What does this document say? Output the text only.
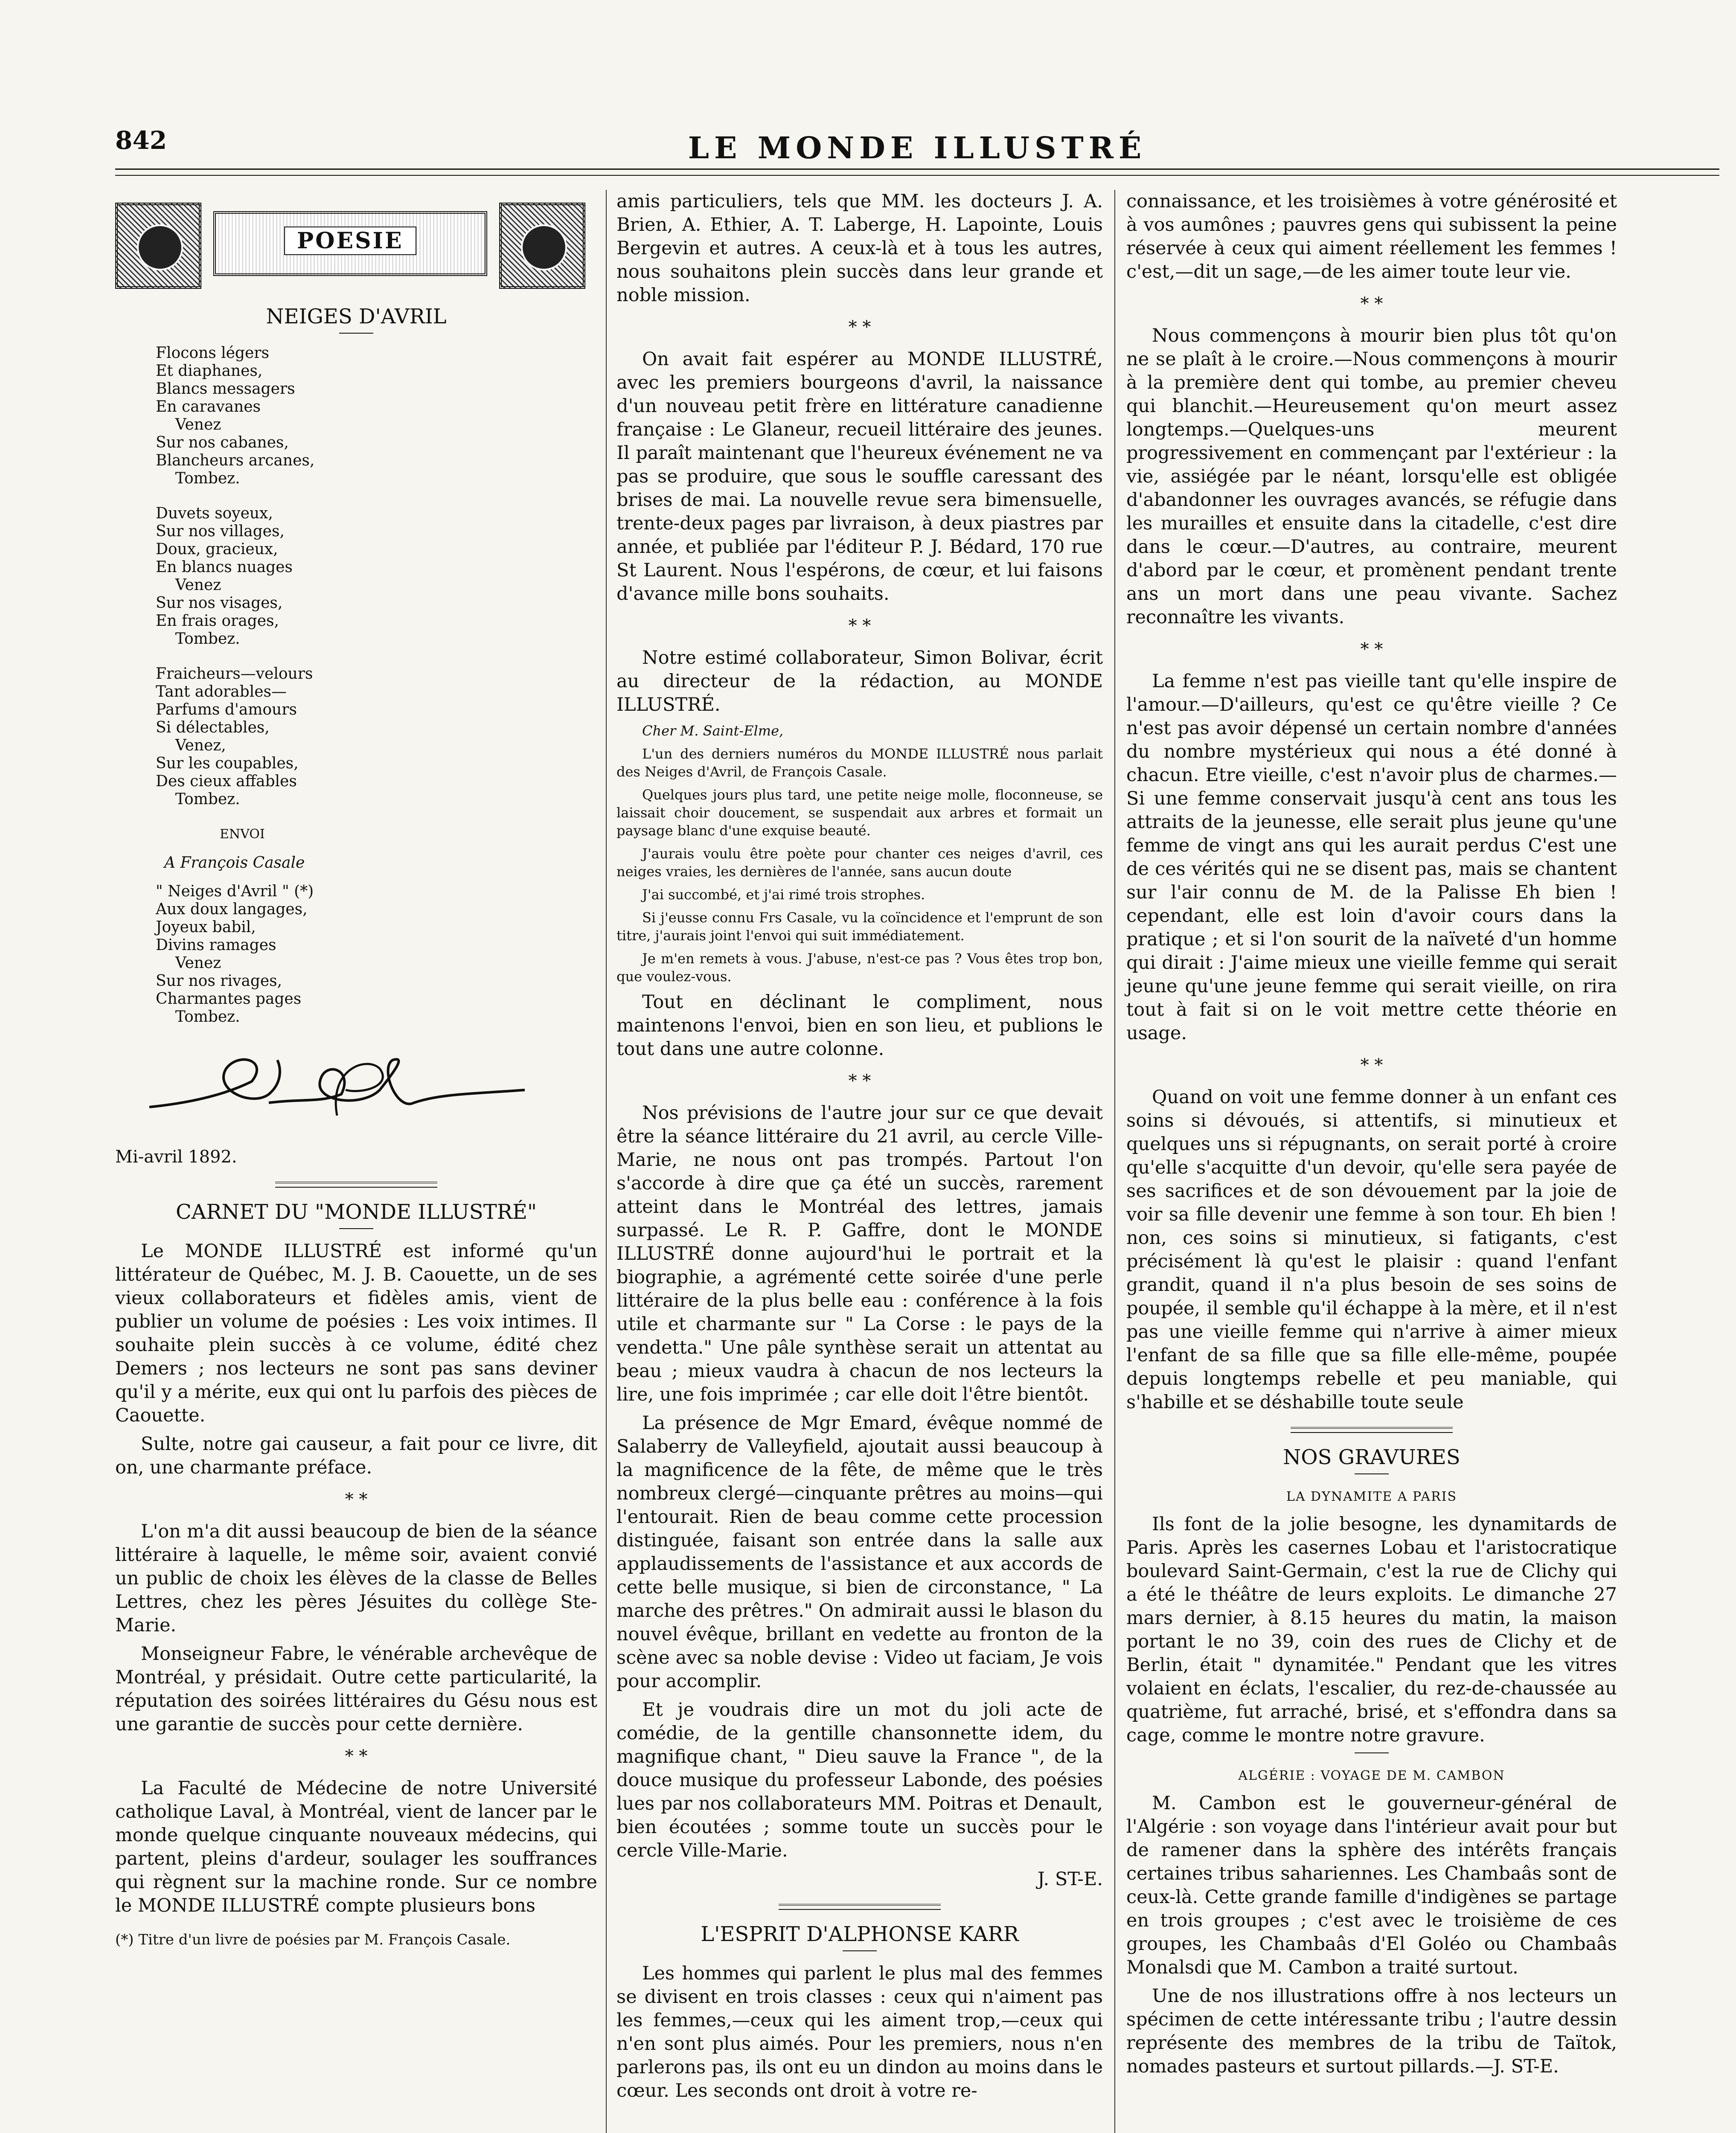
842	LE MONDE ILLUSTRÉ
POESIE
NEIGES D'AVRIL
Flocons légers
Et diaphanes,
Blancs messagers
En caravanes
Venez
Sur nos cabanes,
Blancheurs arcanes,
Tombez.
Duvets soyeux,
Sur nos villages,
Doux, gracieux,
En blancs nuages
Venez
Sur nos visages,
En frais orages,
Tombez.
Fraicheurs—velours
Tant adorables—
Parfums d'amours
Si délectables,
Venez,
Sur les coupables,
Des cieux affables
Tombez.
ENVOI
A François Casale
" Neiges d'Avril " (*)
Aux doux langages,
Joyeux babil,
Divins ramages
Venez
Sur nos rivages,
Charmantes pages
Tombez.
Mi-avril 1892.
CARNET DU "MONDE ILLUSTRÉ"

Le MONDE ILLUSTRÉ est informé qu'un littérateur de Québec, M. J. B. Caouette, un de ses vieux collaborateurs et fidèles amis, vient de publier un volume de poésies : Les voix intimes. Il souhaite plein succès à ce volume, édité chez Demers ; nos lecteurs ne sont pas sans deviner qu'il y a mérite, eux qui ont lu parfois des pièces de Caouette.

Sulte, notre gai causeur, a fait pour ce livre, dit on, une charmante préface.

* *

L'on m'a dit aussi beaucoup de bien de la séance littéraire à laquelle, le même soir, avaient convié un public de choix les élèves de la classe de Belles Lettres, chez les pères Jésuites du collège Ste-Marie.

Monseigneur Fabre, le vénérable archevêque de Montréal, y présidait. Outre cette particularité, la réputation des soirées littéraires du Gésu nous est une garantie de succès pour cette dernière.

* *

La Faculté de Médecine de notre Université catholique Laval, à Montréal, vient de lancer par le monde quelque cinquante nouveaux médecins, qui partent, pleins d'ardeur, soulager les souffrances qui règnent sur la machine ronde. Sur ce nombre le MONDE ILLUSTRÉ compte plusieurs bons

(*) Titre d'un livre de poésies par M. François Casale.

amis particuliers, tels que MM. les docteurs J. A. Brien, A. Ethier, A. T. Laberge, H. Lapointe, Louis Bergevin et autres. A ceux-là et à tous les autres, nous souhaitons plein succès dans leur grande et noble mission.

* *

On avait fait espérer au MONDE ILLUSTRÉ, avec les premiers bourgeons d'avril, la naissance d'un nouveau petit frère en littérature canadienne française : Le Glaneur, recueil littéraire des jeunes. Il paraît maintenant que l'heureux événement ne va pas se produire, que sous le souffle caressant des brises de mai. La nouvelle revue sera bimensuelle, trente-deux pages par livraison, à deux piastres par année, et publiée par l'éditeur P. J. Bédard, 170 rue St Laurent. Nous l'espérons, de cœur, et lui faisons d'avance mille bons souhaits.

* *

Notre estimé collaborateur, Simon Bolivar, écrit au directeur de la rédaction, au MONDE ILLUSTRÉ.

Cher M. Saint-Elme,

L'un des derniers numéros du MONDE ILLUSTRÉ nous parlait des Neiges d'Avril, de François Casale.

Quelques jours plus tard, une petite neige molle, floconneuse, se laissait choir doucement, se suspendait aux arbres et formait un paysage blanc d'une exquise beauté.

J'aurais voulu être poète pour chanter ces neiges d'avril, ces neiges vraies, les dernières de l'année, sans aucun doute

J'ai succombé, et j'ai rimé trois strophes.

Si j'eusse connu Frs Casale, vu la coïncidence et l'emprunt de son titre, j'aurais joint l'envoi qui suit immédiatement.

Je m'en remets à vous. J'abuse, n'est-ce pas ? Vous êtes trop bon, que voulez-vous.

Tout en déclinant le compliment, nous maintenons l'envoi, bien en son lieu, et publions le tout dans une autre colonne.

* *

Nos prévisions de l'autre jour sur ce que devait être la séance littéraire du 21 avril, au cercle Ville-Marie, ne nous ont pas trompés. Partout l'on s'accorde à dire que ça été un succès, rarement atteint dans le Montréal des lettres, jamais surpassé. Le R. P. Gaffre, dont le MONDE ILLUSTRÉ donne aujourd'hui le portrait et la biographie, a agrémenté cette soirée d'une perle littéraire de la plus belle eau : conférence à la fois utile et charmante sur " La Corse : le pays de la vendetta." Une pâle synthèse serait un attentat au beau ; mieux vaudra à chacun de nos lecteurs la lire, une fois imprimée ; car elle doit l'être bientôt.

La présence de Mgr Emard, évêque nommé de Salaberry de Valleyfield, ajoutait aussi beaucoup à la magnificence de la fête, de même que le très nombreux clergé—cinquante prêtres au moins—qui l'entourait. Rien de beau comme cette procession distinguée, faisant son entrée dans la salle aux applaudissements de l'assistance et aux accords de cette belle musique, si bien de circonstance, " La marche des prêtres." On admirait aussi le blason du nouvel évêque, brillant en vedette au fronton de la scène avec sa noble devise : Video ut faciam, Je vois pour accomplir.

Et je voudrais dire un mot du joli acte de comédie, de la gentille chansonnette idem, du magnifique chant, " Dieu sauve la France ", de la douce musique du professeur Labonde, des poésies lues par nos collaborateurs MM. Poitras et Denault, bien écoutées ; somme toute un succès pour le cercle Ville-Marie.

J. ST-E.

L'ESPRIT D'ALPHONSE KARR

Les hommes qui parlent le plus mal des femmes se divisent en trois classes : ceux qui n'aiment pas les femmes,—ceux qui les aiment trop,—ceux qui n'en sont plus aimés. Pour les premiers, nous n'en parlerons pas, ils ont eu un dindon au moins dans le cœur. Les seconds ont droit à votre re-

connaissance, et les troisièmes à votre générosité et à vos aumônes ; pauvres gens qui subissent la peine réservée à ceux qui aiment réellement les femmes ! c'est,—dit un sage,—de les aimer toute leur vie.

* *

Nous commençons à mourir bien plus tôt qu'on ne se plaît à le croire.—Nous commençons à mourir à la première dent qui tombe, au premier cheveu qui blanchit.—Heureusement qu'on meurt assez longtemps.—Quelques-uns meurent progressivement en commençant par l'extérieur : la vie, assiégée par le néant, lorsqu'elle est obligée d'abandonner les ouvrages avancés, se réfugie dans les murailles et ensuite dans la citadelle, c'est dire dans le cœur.—D'autres, au contraire, meurent d'abord par le cœur, et promènent pendant trente ans un mort dans une peau vivante. Sachez reconnaître les vivants.

* *

La femme n'est pas vieille tant qu'elle inspire de l'amour.—D'ailleurs, qu'est ce qu'être vieille ? Ce n'est pas avoir dépensé un certain nombre d'années du nombre mystérieux qui nous a été donné à chacun. Etre vieille, c'est n'avoir plus de charmes.—Si une femme conservait jusqu'à cent ans tous les attraits de la jeunesse, elle serait plus jeune qu'une femme de vingt ans qui les aurait perdus C'est une de ces vérités qui ne se disent pas, mais se chantent sur l'air connu de M. de la Palisse Eh bien ! cependant, elle est loin d'avoir cours dans la pratique ; et si l'on sourit de la naïveté d'un homme qui dirait : J'aime mieux une vieille femme qui serait jeune qu'une jeune femme qui serait vieille, on rira tout à fait si on le voit mettre cette théorie en usage.

* *

Quand on voit une femme donner à un enfant ces soins si dévoués, si attentifs, si minutieux et quelques uns si répugnants, on serait porté à croire qu'elle s'acquitte d'un devoir, qu'elle sera payée de ses sacrifices et de son dévouement par la joie de voir sa fille devenir une femme à son tour. Eh bien ! non, ces soins si minutieux, si fatigants, c'est précisément là qu'est le plaisir : quand l'enfant grandit, quand il n'a plus besoin de ses soins de poupée, il semble qu'il échappe à la mère, et il n'est pas une vieille femme qui n'arrive à aimer mieux l'enfant de sa fille que sa fille elle-même, poupée depuis longtemps rebelle et peu maniable, qui s'habille et se déshabille toute seule

NOS GRAVURES
LA DYNAMITE A PARIS

Ils font de la jolie besogne, les dynamitards de Paris. Après les casernes Lobau et l'aristocratique boulevard Saint-Germain, c'est la rue de Clichy qui a été le théâtre de leurs exploits. Le dimanche 27 mars dernier, à 8.15 heures du matin, la maison portant le no 39, coin des rues de Clichy et de Berlin, était " dynamitée." Pendant que les vitres volaient en éclats, l'escalier, du rez-de-chaussée au quatrième, fut arraché, brisé, et s'effondra dans sa cage, comme le montre notre gravure.

ALGÉRIE : VOYAGE DE M. CAMBON

M. Cambon est le gouverneur-général de l'Algérie : son voyage dans l'intérieur avait pour but de ramener dans la sphère des intérêts français certaines tribus sahariennes. Les Chambaâs sont de ceux-là. Cette grande famille d'indigènes se partage en trois groupes ; c'est avec le troisième de ces groupes, les Chambaâs d'El Goléo ou Chambaâs Monalsdi que M. Cambon a traité surtout.

Une de nos illustrations offre à nos lecteurs un spécimen de cette intéressante tribu ; l'autre dessin représente des membres de la tribu de Taïtok, nomades pasteurs et surtout pillards.—J. ST-E.
